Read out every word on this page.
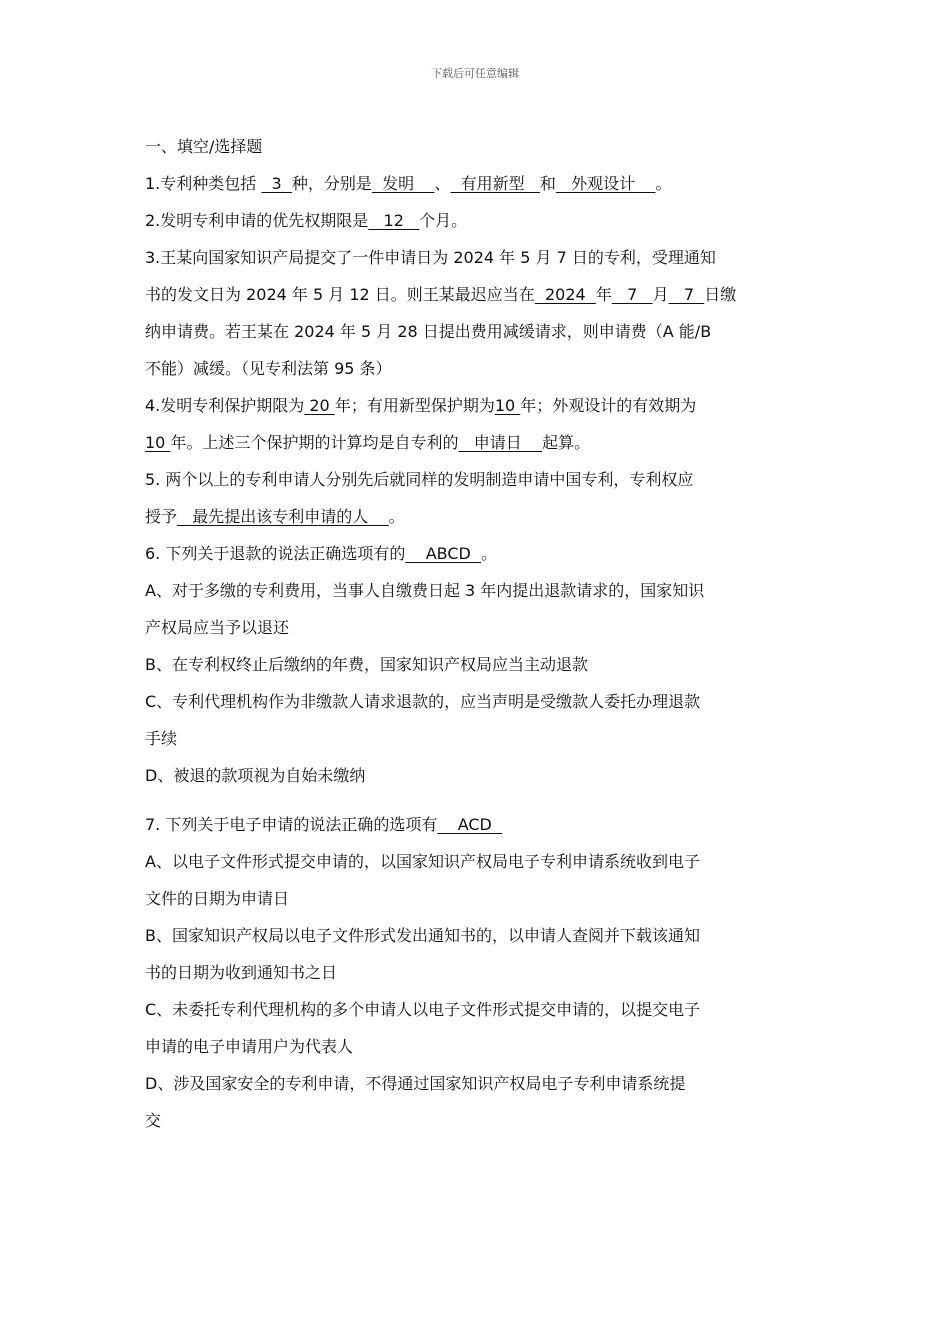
下载后可任意编辑
一、填空/选择题
1.专利种类包括   3  种，分别是  发明    、  有用新型   和   外观设计    。
2.发明专利申请的优先权期限是   12   个月。
3.王某向国家知识产局提交了一件申请日为 2024 年 5 月 7 日的专利，受理通知
书的发文日为 2024 年 5 月 12 日。则王某最迟应当在  2024  年   7   月   7  日缴
纳申请费。若王某在 2024 年 5 月 28 日提出费用减缓请求，则申请费（A 能/B
不能）减缓。（见专利法第 95 条）
4.发明专利保护期限为 20 年；有用新型保护期为10 年；外观设计的有效期为
10 年。上述三个保护期的计算均是自专利的   申请日    起算。
5. 两个以上的专利申请人分别先后就同样的发明制造申请中国专利，专利权应
授予   最先提出该专利申请的人    。
6. 下列关于退款的说法正确选项有的    ABCD  。
A、对于多缴的专利费用，当事人自缴费日起 3 年内提出退款请求的，国家知识
产权局应当予以退还
B、在专利权终止后缴纳的年费，国家知识产权局应当主动退款
C、专利代理机构作为非缴款人请求退款的，应当声明是受缴款人委托办理退款
手续
D、被退的款项视为自始未缴纳
7. 下列关于电子申请的说法正确的选项有    ACD
A、以电子文件形式提交申请的，以国家知识产权局电子专利申请系统收到电子
文件的日期为申请日
B、国家知识产权局以电子文件形式发出通知书的，以申请人查阅并下载该通知
书的日期为收到通知书之日
C、未委托专利代理机构的多个申请人以电子文件形式提交申请的，以提交电子
申请的电子申请用户为代表人
D、涉及国家安全的专利申请，不得通过国家知识产权局电子专利申请系统提
交
